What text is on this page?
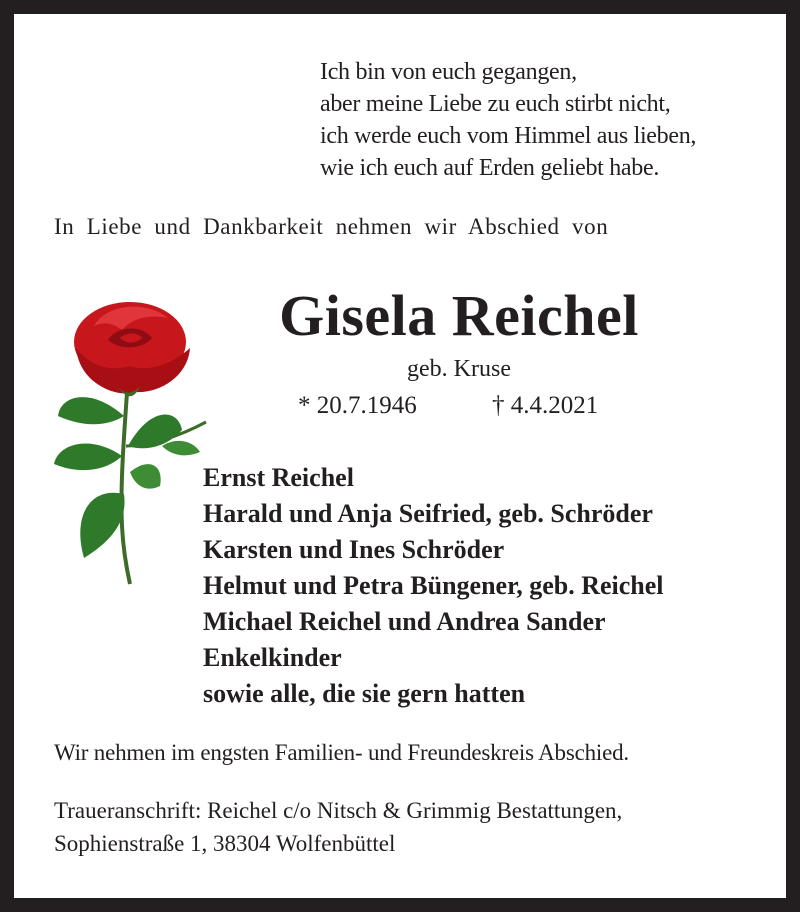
Ich bin von euch gegangen,
aber meine Liebe zu euch stirbt nicht,
ich werde euch vom Himmel aus lieben,
wie ich euch auf Erden geliebt habe.
In Liebe und Dankbarkeit nehmen wir Abschied von
Gisela Reichel
geb. Kruse
* 20.7.1946	† 4.4.2021
Ernst Reichel
Harald und Anja Seifried, geb. Schröder
Karsten und Ines Schröder
Helmut und Petra Büngener, geb. Reichel
Michael Reichel und Andrea Sander
Enkelkinder
sowie alle, die sie gern hatten
Wir nehmen im engsten Familien- und Freundeskreis Abschied.
Traueranschrift: Reichel c/o Nitsch & Grimmig Bestattungen,
Sophienstraße 1, 38304 Wolfenbüttel
